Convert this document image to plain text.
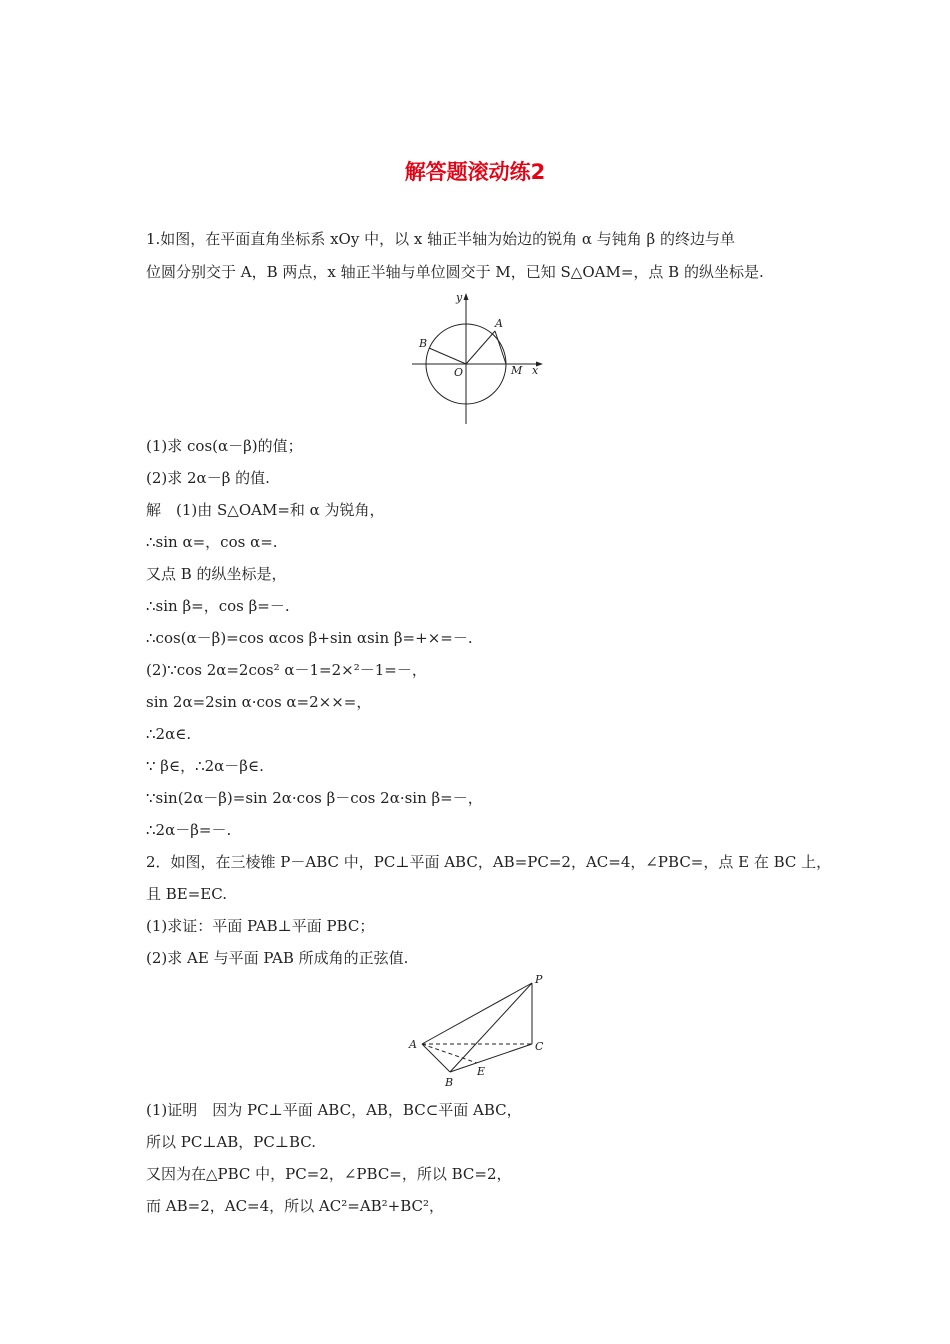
解答题滚动练2
1.如图，在平面直角坐标系 xOy 中，以 x 轴正半轴为始边的锐角 α 与钝角 β 的终边与单
位圆分别交于 A，B 两点，x 轴正半轴与单位圆交于 M，已知 S△OAM=，点 B 的纵坐标是.
y
x
A
B
O	M
(1)求 cos(α－β)的值；
(2)求 2α－β 的值.
解　(1)由 S△OAM=和 α 为锐角，
∴sin α=，cos α=.
又点 B 的纵坐标是，
∴sin β=，cos β=－.
∴cos(α－β)=cos αcos β+sin αsin β=+×=－.
(2)∵cos 2α=2cos² α－1=2×²－1=－，
sin 2α=2sin α·cos α=2××=，
∴2α∈.
∵ β∈，∴2α－β∈.
∵sin(2α－β)=sin 2α·cos β－cos 2α·sin β=－，
∴2α－β=－.
2．如图，在三棱锥 P－ABC 中，PC⊥平面 ABC，AB=PC=2，AC=4，∠PBC=，点 E 在 BC 上，
且 BE=EC.
(1)求证：平面 PAB⊥平面 PBC；
(2)求 AE 与平面 PAB 所成角的正弦值.
P
A
B
C
E
(1)证明　因为 PC⊥平面 ABC，AB，BC⊂平面 ABC，
所以 PC⊥AB，PC⊥BC.
又因为在△PBC 中，PC=2，∠PBC=，所以 BC=2，
而 AB=2，AC=4，所以 AC²=AB²+BC²，
